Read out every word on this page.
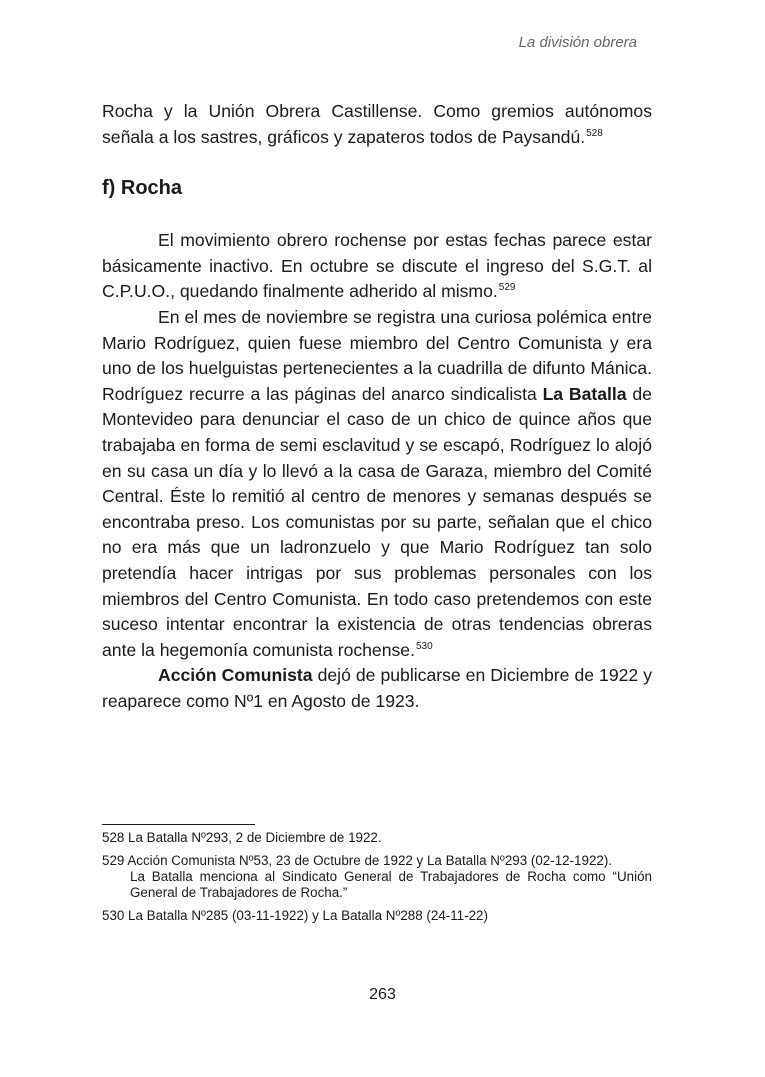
La división obrera

Rocha y la Unión Obrera Castillense. Como gremios autónomos señala a los sastres, gráficos y zapateros todos de Paysandú.$^{528}$

f) Rocha

El movimiento obrero rochense por estas fechas parece estar básicamente inactivo. En octubre se discute el ingreso del S.G.T. al C.P.U.O., quedando finalmente adherido al mismo.$^{529}$

En el mes de noviembre se registra una curiosa polémica entre Mario Rodríguez, quien fuese miembro del Centro Comunista y era uno de los huelguistas pertenecientes a la cuadrilla de difunto Mánica. Rodríguez recurre a las páginas del anarco sindicalista La Batalla de Montevideo para denunciar el caso de un chico de quince años que trabajaba en forma de semi esclavitud y se escapó, Rodríguez lo alojó en su casa un día y lo llevó a la casa de Garaza, miembro del Comité Central. Éste lo remitió al centro de menores y semanas después se encontraba preso. Los comunistas por su parte, señalan que el chico no era más que un ladronzuelo y que Mario Rodríguez tan solo pretendía hacer intrigas por sus problemas personales con los miembros del Centro Comunista. En todo caso pretendemos con este suceso intentar encontrar la existencia de otras tendencias obreras ante la hegemonía comunista rochense.$^{530}$

Acción Comunista dejó de publicarse en Diciembre de 1922 y reaparece como Nº1 en Agosto de 1923.

528 La Batalla Nº293, 2 de Diciembre de 1922.

529 Acción Comunista Nº53, 23 de Octubre de 1922 y La Batalla Nº293 (02-12-1922).
La Batalla menciona al Sindicato General de Trabajadores de Rocha como “Unión General de Trabajadores de Rocha.”

530 La Batalla Nº285 (03-11-1922) y La Batalla Nº288 (24-11-22)

263
